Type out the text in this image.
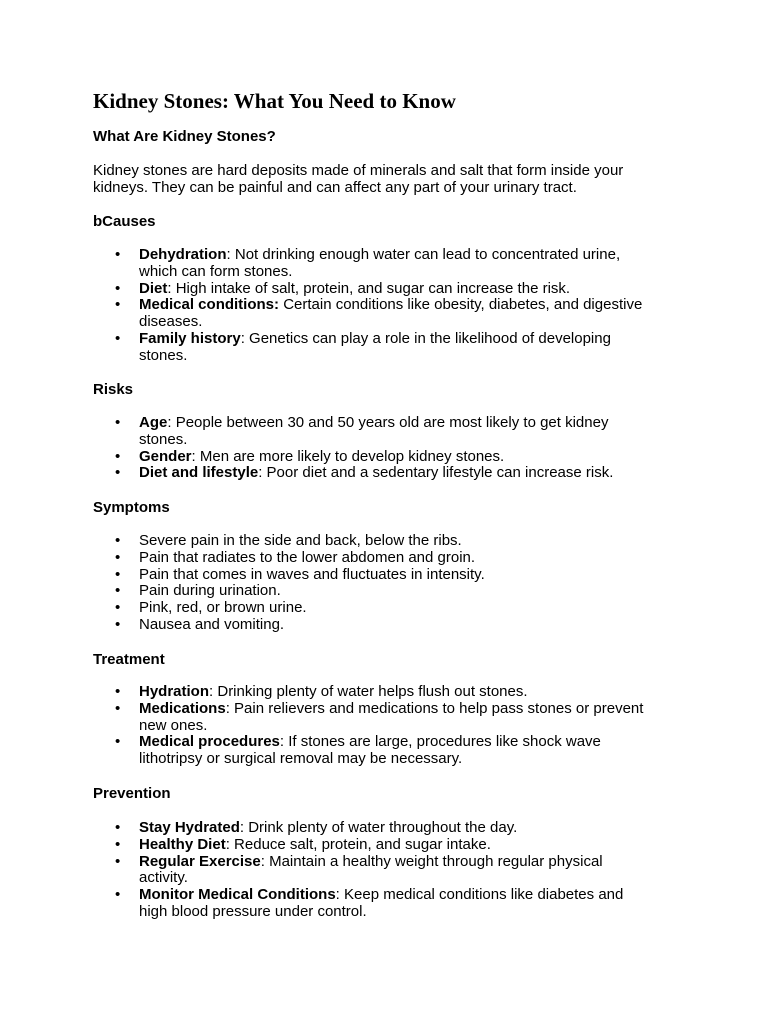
Kidney Stones: What You Need to Know
What Are Kidney Stones?

Kidney stones are hard deposits made of minerals and salt that form inside your kidneys. They can be painful and can affect any part of your urinary tract.

bCauses
• Dehydration: Not drinking enough water can lead to concentrated urine, which can form stones.
• Diet: High intake of salt, protein, and sugar can increase the risk.
• Medical conditions: Certain conditions like obesity, diabetes, and digestive diseases.
• Family history: Genetics can play a role in the likelihood of developing stones.
Risks
• Age: People between 30 and 50 years old are most likely to get kidney stones.
• Gender: Men are more likely to develop kidney stones.
• Diet and lifestyle: Poor diet and a sedentary lifestyle can increase risk.
Symptoms
• Severe pain in the side and back, below the ribs.
• Pain that radiates to the lower abdomen and groin.
• Pain that comes in waves and fluctuates in intensity.
• Pain during urination.
• Pink, red, or brown urine.
• Nausea and vomiting.
Treatment
• Hydration: Drinking plenty of water helps flush out stones.
• Medications: Pain relievers and medications to help pass stones or prevent new ones.
• Medical procedures: If stones are large, procedures like shock wave lithotripsy or surgical removal may be necessary.
Prevention
• Stay Hydrated: Drink plenty of water throughout the day.
• Healthy Diet: Reduce salt, protein, and sugar intake.
• Regular Exercise: Maintain a healthy weight through regular physical activity.
• Monitor Medical Conditions: Keep medical conditions like diabetes and high blood pressure under control.
